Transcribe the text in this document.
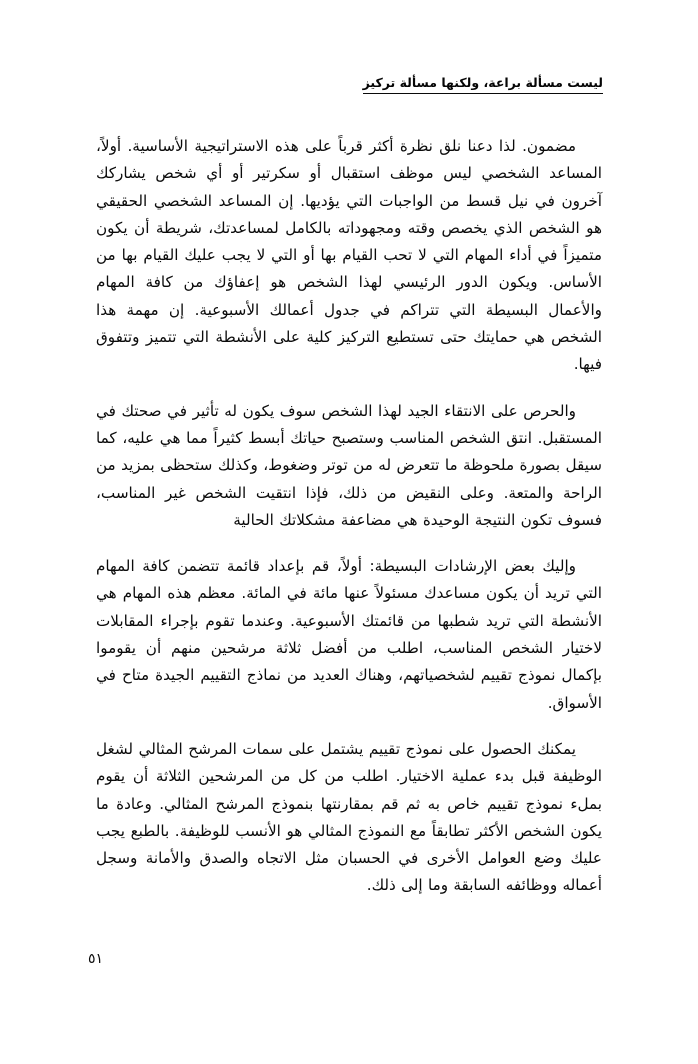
ليست مسألة براعة، ولكنها مسألة تركيز

مضمون. لذا دعنا نلق نظرة أكثر قرباً على هذه الاستراتيجية الأساسية. أولاً، المساعد الشخصي ليس موظف استقبال أو سكرتير أو أي شخص يشاركك آخرون في نيل قسط من الواجبات التي يؤديها. إن المساعد الشخصي الحقيقي هو الشخص الذي يخصص وقته ومجهوداته بالكامل لمساعدتك، شريطة أن يكون متميزاً في أداء المهام التي لا تحب القيام بها أو التي لا يجب عليك القيام بها من الأساس. ويكون الدور الرئيسي لهذا الشخص هو إعفاؤك من كافة المهام والأعمال البسيطة التي تتراكم في جدول أعمالك الأسبوعية. إن مهمة هذا الشخص هي حمايتك حتى تستطيع التركيز كلية على الأنشطة التي تتميز وتتفوق فيها.

والحرص على الانتقاء الجيد لهذا الشخص سوف يكون له تأثير في صحتك في المستقبل. انتق الشخص المناسب وستصبح حياتك أبسط كثيراً مما هي عليه، كما سيقل بصورة ملحوظة ما تتعرض له من توتر وضغوط، وكذلك ستحظى بمزيد من الراحة والمتعة. وعلى النقيض من ذلك، فإذا انتقيت الشخص غير المناسب، فسوف تكون النتيجة الوحيدة هي مضاعفة مشكلاتك الحالية

وإليك بعض الإرشادات البسيطة: أولاً، قم بإعداد قائمة تتضمن كافة المهام التي تريد أن يكون مساعدك مسئولاً عنها مائة في المائة. معظم هذه المهام هي الأنشطة التي تريد شطبها من قائمتك الأسبوعية. وعندما تقوم بإجراء المقابلات لاختيار الشخص المناسب، اطلب من أفضل ثلاثة مرشحين منهم أن يقوموا بإكمال نموذج تقييم لشخصياتهم، وهناك العديد من نماذج التقييم الجيدة متاح في الأسواق.

يمكنك الحصول على نموذج تقييم يشتمل على سمات المرشح المثالي لشغل الوظيفة قبل بدء عملية الاختيار. اطلب من كل من المرشحين الثلاثة أن يقوم بملء نموذج تقييم خاص به ثم قم بمقارنتها بنموذج المرشح المثالي. وعادة ما يكون الشخص الأكثر تطابقاً مع النموذج المثالي هو الأنسب للوظيفة. بالطبع يجب عليك وضع العوامل الأخرى في الحسبان مثل الاتجاه والصدق والأمانة وسجل أعماله ووظائفه السابقة وما إلى ذلك.

٥١
